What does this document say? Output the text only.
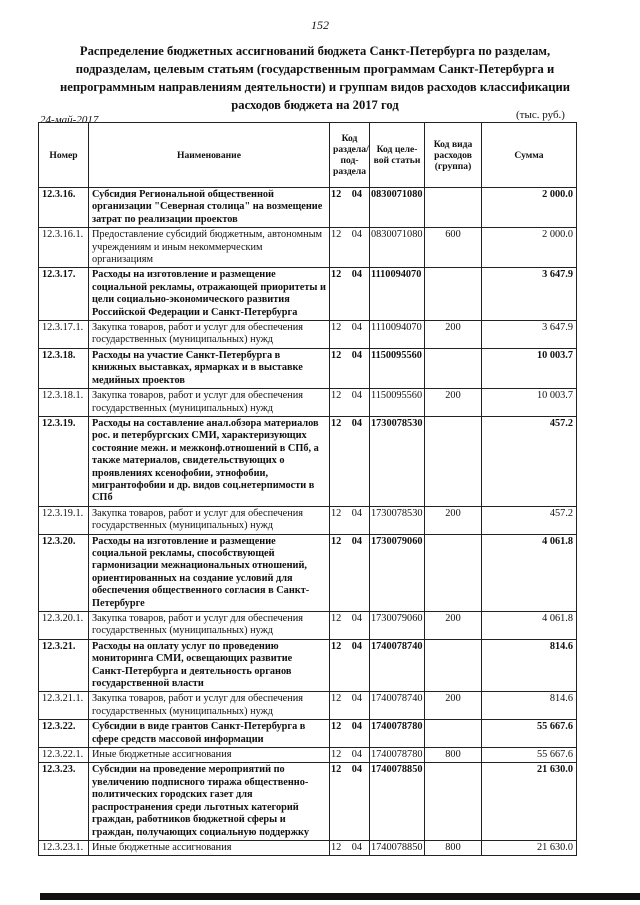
152
Распределение бюджетных ассигнований бюджета Санкт-Петербурга по разделам, подразделам, целевым статьям (государственным программам Санкт-Петербурга и непрограммным направлениям деятельности) и группам видов расходов классификации расходов бюджета на 2017 год
24-май-2017	(тыс. руб.)
Номер	Наименование	Код раздела/ под-раздела	Код целе-вой статьи	Код вида расходов (группа)	Сумма
12.3.16.	Субсидия Региональной общественной организации "Северная столица" на возмещение затрат по реализации проектов	12 04	0830071080		2 000.0
12.3.16.1.	Предоставление субсидий бюджетным, автономным учреждениям и иным некоммерческим организациям	12 04	0830071080	600	2 000.0
12.3.17.	Расходы на изготовление и размещение социальной рекламы, отражающей приоритеты и цели социально-экономического развития Российской Федерации и Санкт-Петербурга	12 04	1110094070		3 647.9
12.3.17.1.	Закупка товаров, работ и услуг для обеспечения государственных (муниципальных) нужд	12 04	1110094070	200	3 647.9
12.3.18.	Расходы на участие Санкт-Петербурга в книжных выставках, ярмарках и в выставке медийных проектов	12 04	1150095560		10 003.7
12.3.18.1.	Закупка товаров, работ и услуг для обеспечения государственных (муниципальных) нужд	12 04	1150095560	200	10 003.7
12.3.19.	Расходы на составление анал.обзора материалов рос. и петербургских СМИ, характеризующих состояние межн. и межконф.отношений в СПб, а также материалов, свидетельствующих о проявлениях ксенофобии, этнофобии, мигрантофобии и др. видов соц.нетерпимости в СПб	12 04	1730078530		457.2
12.3.19.1.	Закупка товаров, работ и услуг для обеспечения государственных (муниципальных) нужд	12 04	1730078530	200	457.2
12.3.20.	Расходы на изготовление и размещение социальной рекламы, способствующей гармонизации межнациональных отношений, ориентированных на создание условий для обеспечения общественного согласия в Санкт-Петербурге	12 04	1730079060		4 061.8
12.3.20.1.	Закупка товаров, работ и услуг для обеспечения государственных (муниципальных) нужд	12 04	1730079060	200	4 061.8
12.3.21.	Расходы на оплату услуг по проведению мониторинга СМИ, освещающих развитие Санкт-Петербурга и деятельность органов государственной власти	12 04	1740078740		814.6
12.3.21.1.	Закупка товаров, работ и услуг для обеспечения государственных (муниципальных) нужд	12 04	1740078740	200	814.6
12.3.22.	Субсидии в виде грантов Санкт-Петербурга в сфере средств массовой информации	12 04	1740078780		55 667.6
12.3.22.1.	Иные бюджетные ассигнования	12 04	1740078780	800	55 667.6
12.3.23.	Субсидии на проведение мероприятий по увеличению подписного тиража общественно-политических городских газет для распространения среди льготных категорий граждан, работников бюджетной сферы и граждан, получающих социальную поддержку	12 04	1740078850		21 630.0
12.3.23.1.	Иные бюджетные ассигнования	12 04	1740078850	800	21 630.0
